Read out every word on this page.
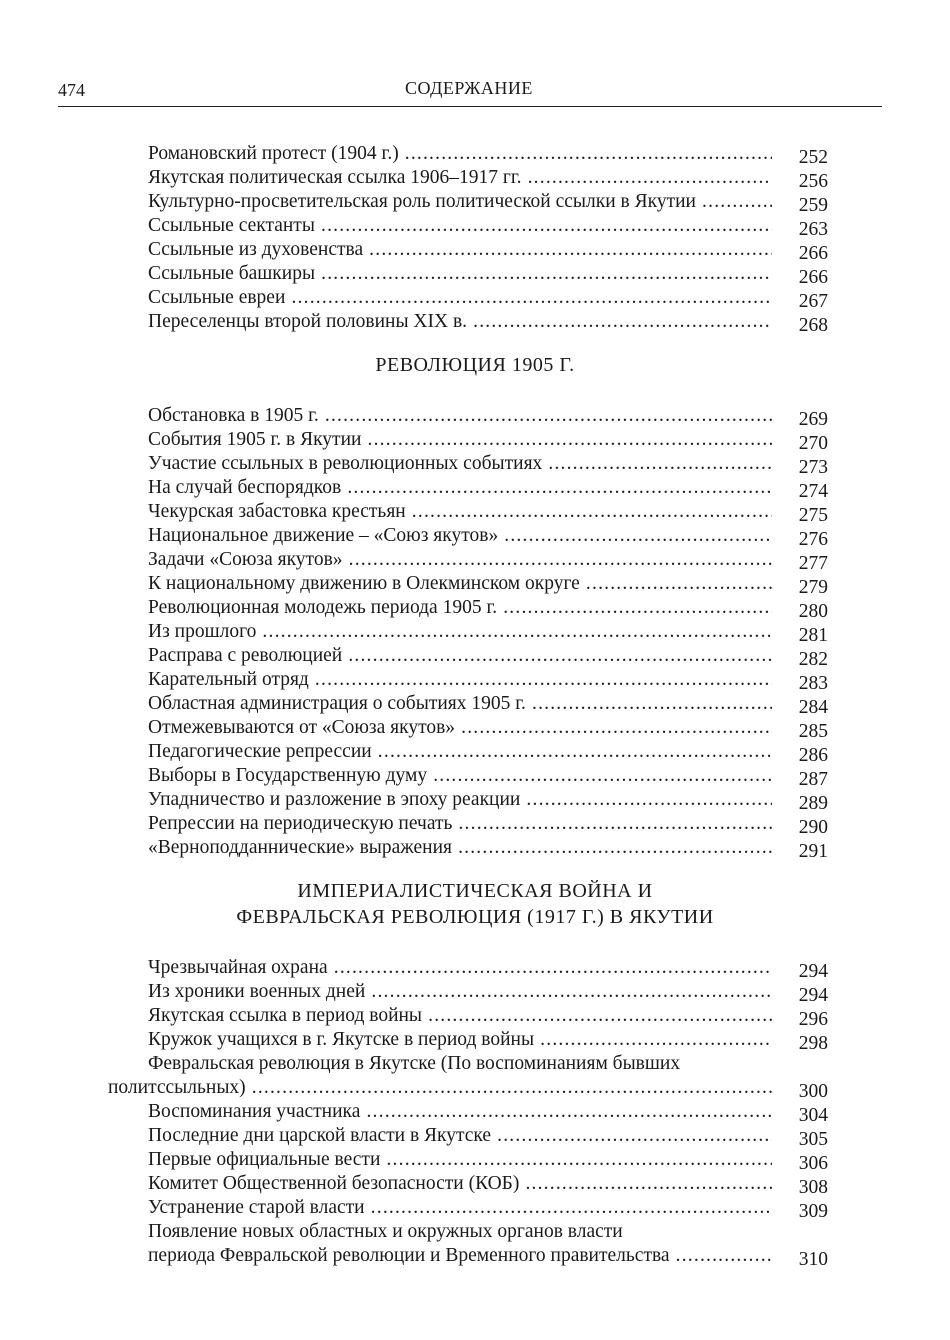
474	СОДЕРЖАНИЕ
Романовский протест (1904 г.) .....	252
Якутская политическая ссылка 1906–1917 гг. .....	256
Культурно-просветительская роль политической ссылки в Якутии .....	259
Ссыльные сектанты .....	263
Ссыльные из духовенства .....	266
Ссыльные башкиры .....	266
Ссыльные евреи .....	267
Переселенцы второй половины XIX в. .....	268
РЕВОЛЮЦИЯ 1905 Г.
Обстановка в 1905 г. .....	269
События 1905 г. в Якутии .....	270
Участие ссыльных в революционных событиях .....	273
На случай беспорядков .....	274
Чекурская забастовка крестьян .....	275
Национальное движение – «Союз якутов» .....	276
Задачи «Союза якутов» .....	277
К национальному движению в Олекминском округе .....	279
Революционная молодежь периода 1905 г. .....	280
Из прошлого .....	281
Расправа с революцией .....	282
Карательный отряд .....	283
Областная администрация о событиях 1905 г. .....	284
Отмежевываются от «Союза якутов» .....	285
Педагогические репрессии .....	286
Выборы в Государственную думу .....	287
Упадничество и разложение в эпоху реакции .....	289
Репрессии на периодическую печать .....	290
«Верноподданнические» выражения .....	291
ИМПЕРИАЛИСТИЧЕСКАЯ ВОЙНА И
ФЕВРАЛЬСКАЯ РЕВОЛЮЦИЯ (1917 Г.) В ЯКУТИИ
Чрезвычайная охрана .....	294
Из хроники военных дней .....	294
Якутская ссылка в период войны .....	296
Кружок учащихся в г. Якутске в период войны .....	298
Февральская революция в Якутске (По воспоминаниям бывших
политссыльных) .....	300
Воспоминания участника .....	304
Последние дни царской власти в Якутске .....	305
Первые официальные вести .....	306
Комитет Общественной безопасности (КОБ) .....	308
Устранение старой власти .....	309
Появление новых областных и окружных органов власти
периода Февральской революции и Временного правительства .....	310
